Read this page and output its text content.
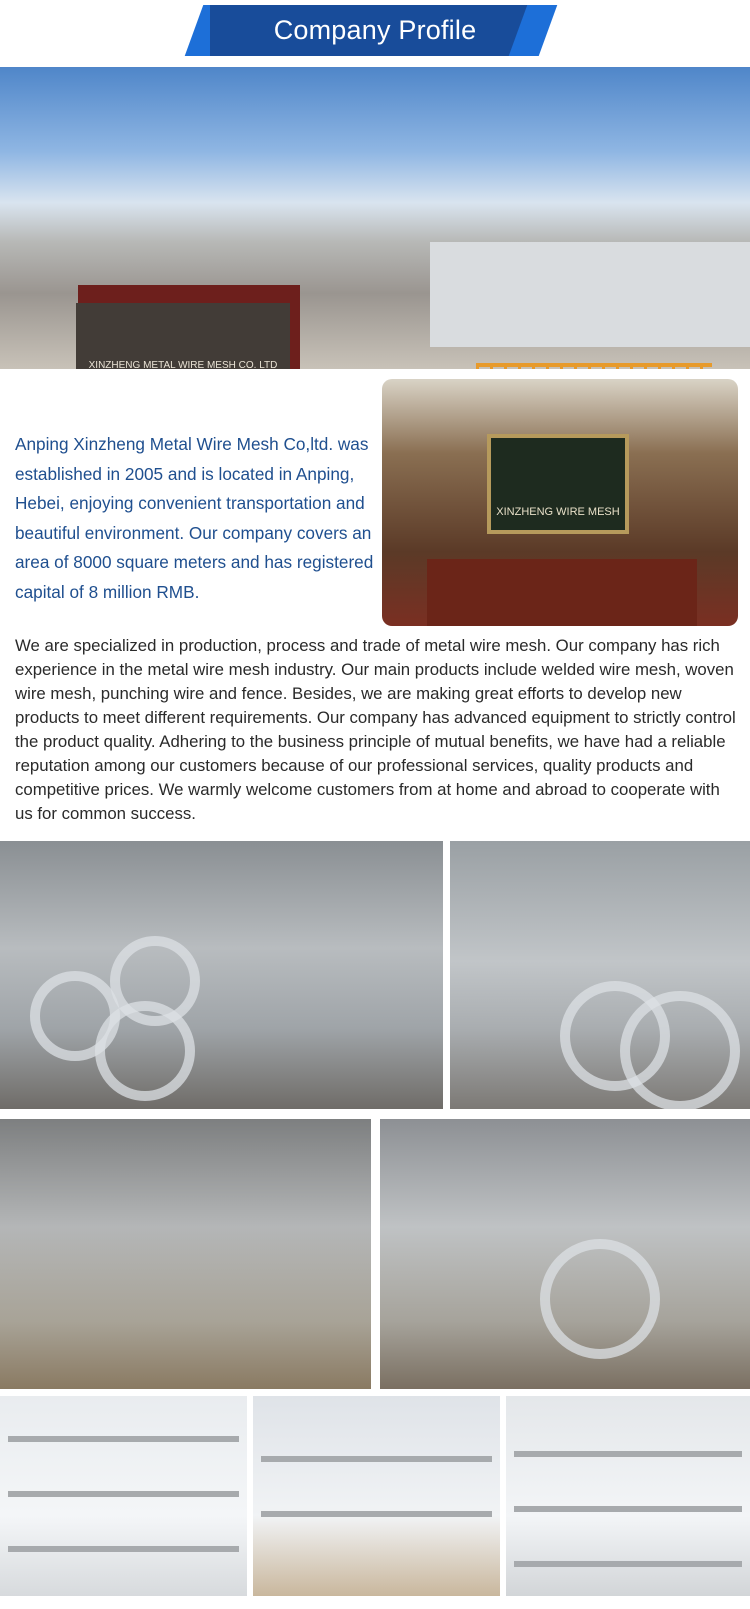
Company Profile
XINZHENG METAL WIRE MESH CO. LTD
Anping Xinzheng Metal Wire Mesh Co,ltd. was established in 2005 and is located in Anping, Hebei, enjoying convenient transportation and beautiful environment. Our company covers an area of 8000 square meters and has registered capital of 8 million RMB.
XINZHENG WIRE MESH
We are specialized in production, process and trade of metal wire mesh. Our company has rich experience in the metal wire mesh industry. Our main products include welded wire mesh, woven wire mesh, punching wire and fence. Besides, we are making great efforts to develop new products to meet different requirements. Our company has advanced equipment to strictly control the product quality. Adhering to the business principle of mutual benefits, we have had a reliable reputation among our customers because of our professional services, quality products and competitive prices. We warmly welcome customers from at home and abroad to cooperate with us for common success.
